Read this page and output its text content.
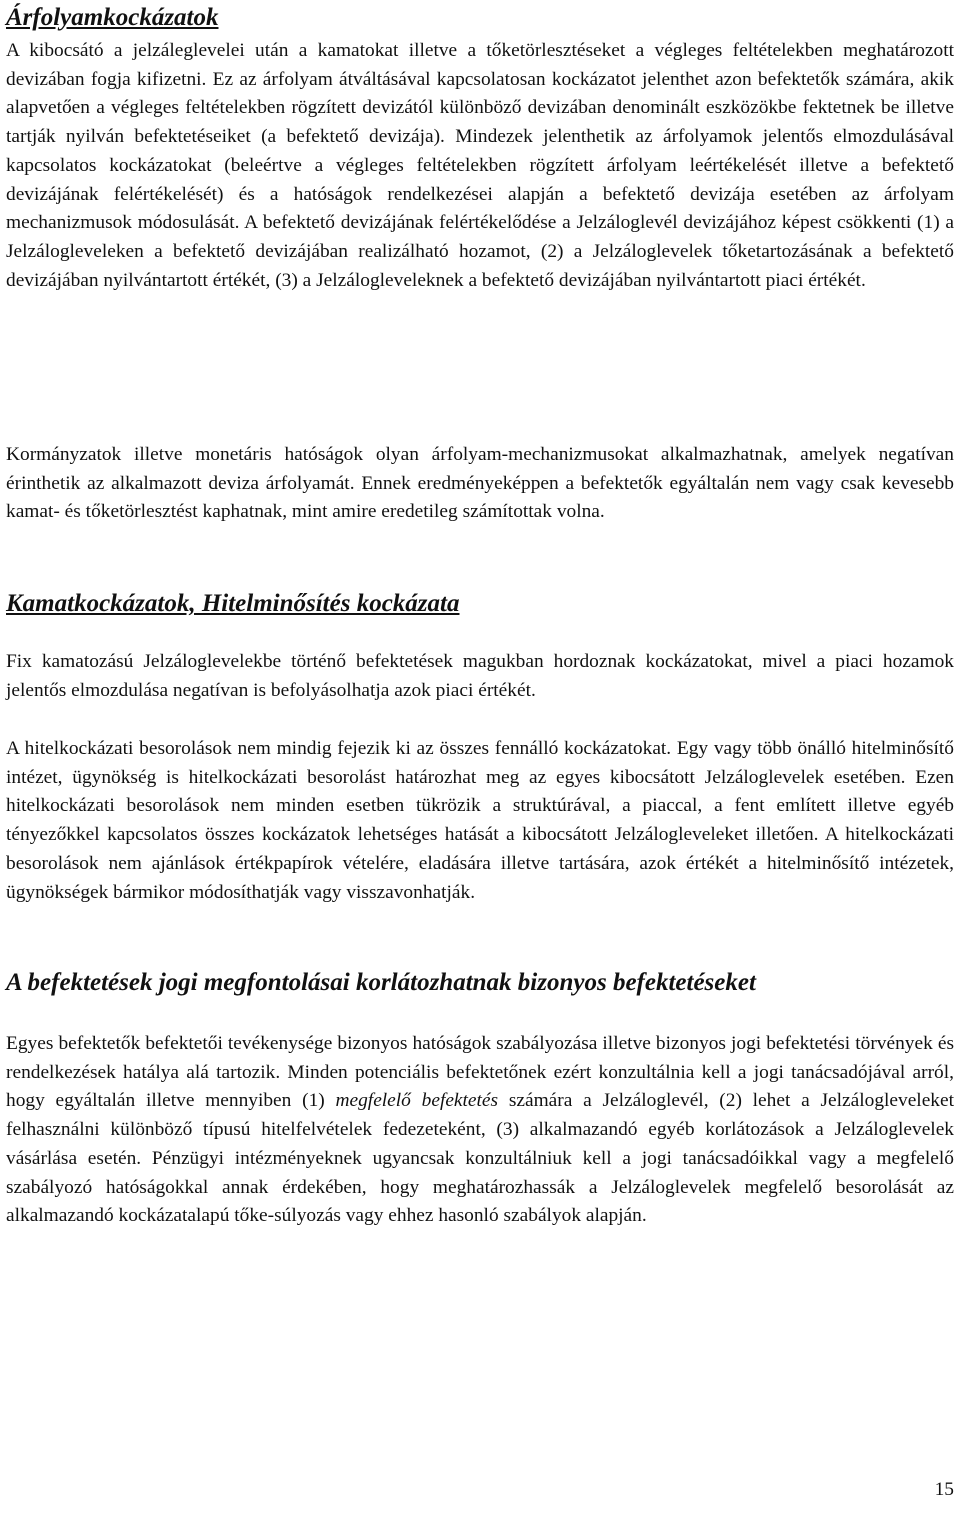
Árfolyamkockázatok

A kibocsátó a jelzáleglevelei után a kamatokat illetve a tőketörlesztéseket a végleges feltételekben meghatározott devizában fogja kifizetni. Ez az árfolyam átváltásával kapcsolatosan kockázatot jelenthet azon befektetők számára, akik alapvetően a végleges feltételekben rögzített devizától különböző devizában denominált eszközökbe fektetnek be illetve tartják nyilván befektetéseiket (a befektető devizája). Mindezek jelenthetik az árfolyamok jelentős elmozdulásával kapcsolatos kockázatokat (beleértve a végleges feltételekben rögzített árfolyam leértékelését illetve a befektető devizájának felértékelését) és a hatóságok rendelkezései alapján a befektető devizája esetében az árfolyam mechanizmusok módosulását. A befektető devizájának felértékelődése a Jelzáloglevél devizájához képest csökkenti (1) a Jelzálogleveleken a befektető devizájában realizálható hozamot, (2) a Jelzáloglevelek tőketartozásának a befektető devizájában nyilvántartott értékét, (3) a Jelzálogleveleknek a befektető devizájában nyilvántartott piaci értékét.

Kormányzatok illetve monetáris hatóságok olyan árfolyam-mechanizmusokat alkalmazhatnak, amelyek negatívan érinthetik az alkalmazott deviza árfolyamát. Ennek eredményeképpen a befektetők egyáltalán nem vagy csak kevesebb kamat- és tőketörlesztést kaphatnak, mint amire eredetileg számítottak volna.

Kamatkockázatok, Hitelminősítés kockázata

Fix kamatozású Jelzáloglevelekbe történő befektetések magukban hordoznak kockázatokat, mivel a piaci hozamok jelentős elmozdulása negatívan is befolyásolhatja azok piaci értékét.

A hitelkockázati besorolások nem mindig fejezik ki az összes fennálló kockázatokat. Egy vagy több önálló hitelminősítő intézet, ügynökség is hitelkockázati besorolást határozhat meg az egyes kibocsátott Jelzáloglevelek esetében. Ezen hitelkockázati besorolások nem minden esetben tükrözik a struktúrával, a piaccal, a fent említett illetve egyéb tényezőkkel kapcsolatos összes kockázatok lehetséges hatását a kibocsátott Jelzálogleveleket illetően. A hitelkockázati besorolások nem ajánlások értékpapírok vételére, eladására illetve tartására, azok értékét a hitelminősítő intézetek, ügynökségek bármikor módosíthatják vagy visszavonhatják.

A befektetések jogi megfontolásai korlátozhatnak bizonyos befektetéseket

Egyes befektetők befektetői tevékenysége bizonyos hatóságok szabályozása illetve bizonyos jogi befektetési törvények és rendelkezések hatálya alá tartozik. Minden potenciális befektetőnek ezért konzultálnia kell a jogi tanácsadójával arról, hogy egyáltalán illetve mennyiben (1) megfelelő befektetés számára a Jelzáloglevél, (2) lehet a Jelzálogleveleket felhasználni különböző típusú hitelfelvételek fedezeteként, (3) alkalmazandó egyéb korlátozások a Jelzáloglevelek vásárlása esetén. Pénzügyi intézményeknek ugyancsak konzultálniuk kell a jogi tanácsadóikkal vagy a megfelelő szabályozó hatóságokkal annak érdekében, hogy meghatározhassák a Jelzáloglevelek megfelelő besorolását az alkalmazandó kockázatalapú tőke-súlyozás vagy ehhez hasonló szabályok alapján.

15
